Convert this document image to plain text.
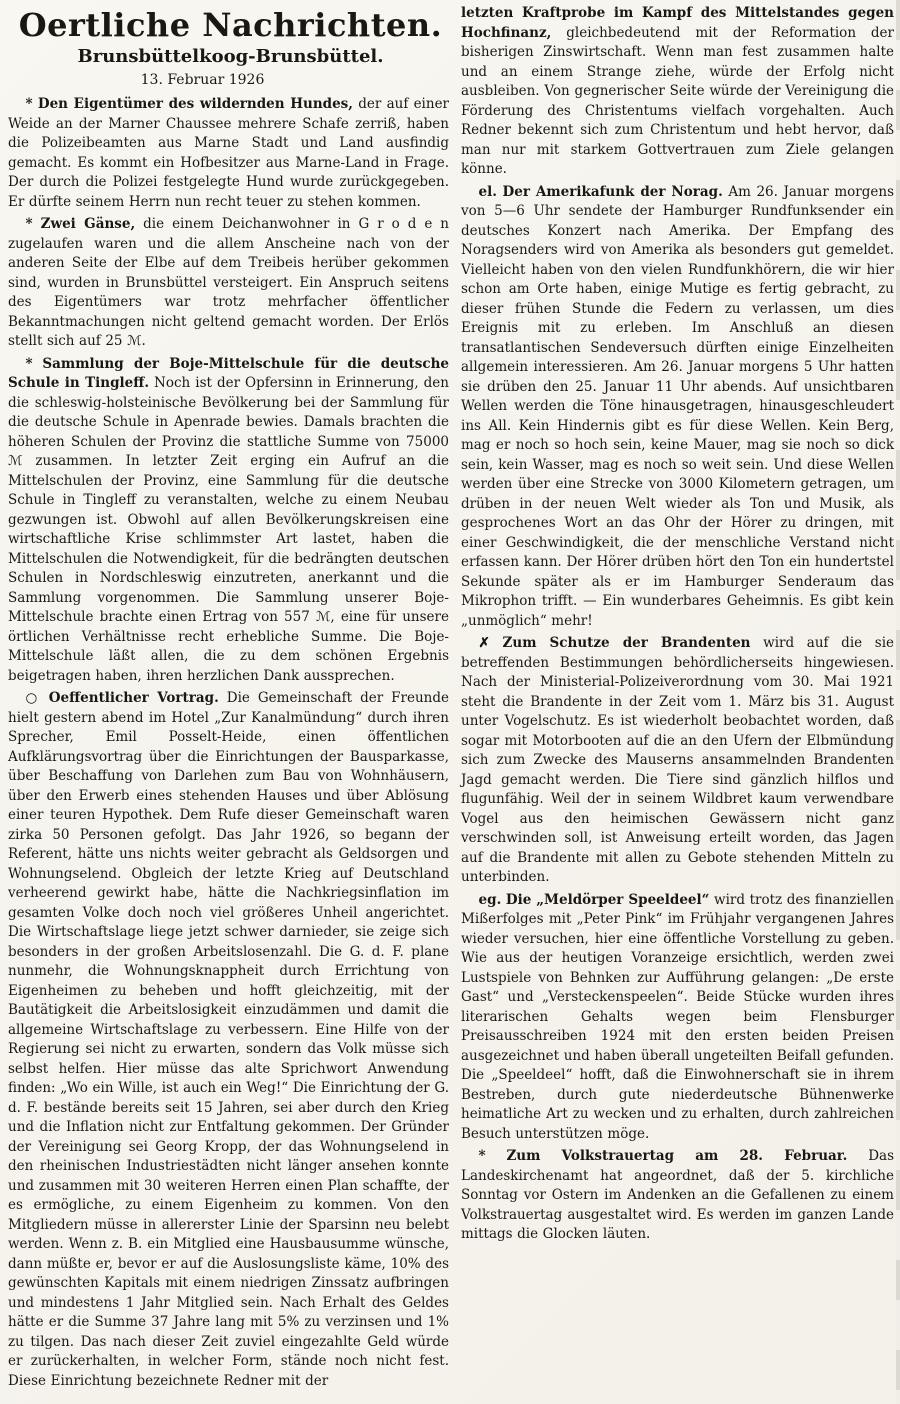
Oertliche Nachrichten.
Brunsbüttelkoog-Brunsbüttel.
13. Februar 1926

* Den Eigentümer des wildernden Hundes, der auf einer Weide an der Marner Chaussee mehrere Schafe zerriß, haben die Polizeibeamten aus Marne Stadt und Land ausfindig gemacht. Es kommt ein Hofbesitzer aus Marne-Land in Frage. Der durch die Polizei festgelegte Hund wurde zurückgegeben. Er dürfte seinem Herrn nun recht teuer zu stehen kommen.

* Zwei Gänse, die einem Deichanwohner in G r o d e n zugelaufen waren und die allem Anscheine nach von der anderen Seite der Elbe auf dem Treibeis herüber gekommen sind, wurden in Brunsbüttel versteigert. Ein Anspruch seitens des Eigentümers war trotz mehrfacher öffentlicher Bekanntmachungen nicht geltend gemacht worden. Der Erlös stellt sich auf 25 ℳ.

* Sammlung der Boje-Mittelschule für die deutsche Schule in Tingleff. Noch ist der Opfersinn in Erinnerung, den die schleswig-holsteinische Bevölkerung bei der Sammlung für die deutsche Schule in Apenrade bewies. Damals brachten die höheren Schulen der Provinz die stattliche Summe von 75000 ℳ zusammen. In letzter Zeit erging ein Aufruf an die Mittelschulen der Provinz, eine Sammlung für die deutsche Schule in Tingleff zu veranstalten, welche zu einem Neubau gezwungen ist. Obwohl auf allen Bevölkerungskreisen eine wirtschaftliche Krise schlimmster Art lastet, haben die Mittelschulen die Notwendigkeit, für die bedrängten deutschen Schulen in Nordschleswig einzutreten, anerkannt und die Sammlung vorgenommen. Die Sammlung unserer Boje-Mittelschule brachte einen Ertrag von 557 ℳ, eine für unsere örtlichen Verhältnisse recht erhebliche Summe. Die Boje-Mittelschule läßt allen, die zu dem schönen Ergebnis beigetragen haben, ihren herzlichen Dank aussprechen.

○ Oeffentlicher Vortrag. Die Gemeinschaft der Freunde hielt gestern abend im Hotel „Zur Kanalmündung“ durch ihren Sprecher, Emil Posselt-Heide, einen öffentlichen Aufklärungsvortrag über die Einrichtungen der Bausparkasse, über Beschaffung von Darlehen zum Bau von Wohnhäusern, über den Erwerb eines stehenden Hauses und über Ablösung einer teuren Hypothek. Dem Rufe dieser Gemeinschaft waren zirka 50 Personen gefolgt. Das Jahr 1926, so begann der Referent, hätte uns nichts weiter gebracht als Geldsorgen und Wohnungselend. Obgleich der letzte Krieg auf Deutschland verheerend gewirkt habe, hätte die Nachkriegsinflation im gesamten Volke doch noch viel größeres Unheil angerichtet. Die Wirtschaftslage liege jetzt schwer darnieder, sie zeige sich besonders in der großen Arbeitslosenzahl. Die G. d. F. plane nunmehr, die Wohnungsknappheit durch Errichtung von Eigenheimen zu beheben und hofft gleichzeitig, mit der Bautätigkeit die Arbeitslosigkeit einzudämmen und damit die allgemeine Wirtschaftslage zu verbessern. Eine Hilfe von der Regierung sei nicht zu erwarten, sondern das Volk müsse sich selbst helfen. Hier müsse das alte Sprichwort Anwendung finden: „Wo ein Wille, ist auch ein Weg!“ Die Einrichtung der G. d. F. bestände bereits seit 15 Jahren, sei aber durch den Krieg und die Inflation nicht zur Entfaltung gekommen. Der Gründer der Vereinigung sei Georg Kropp, der das Wohnungselend in den rheinischen Industriestädten nicht länger ansehen konnte und zusammen mit 30 weiteren Herren einen Plan schaffte, der es ermögliche, zu einem Eigenheim zu kommen. Von den Mitgliedern müsse in allererster Linie der Sparsinn neu belebt werden. Wenn z. B. ein Mitglied eine Hausbausumme wünsche, dann müßte er, bevor er auf die Auslosungsliste käme, 10% des gewünschten Kapitals mit einem niedrigen Zinssatz aufbringen und mindestens 1 Jahr Mitglied sein. Nach Erhalt des Geldes hätte er die Summe 37 Jahre lang mit 5% zu verzinsen und 1% zu tilgen. Das nach dieser Zeit zuviel eingezahlte Geld würde er zurückerhalten, in welcher Form, stände noch nicht fest. Diese Einrichtung bezeichnete Redner mit der

letzten Kraftprobe im Kampf des Mittelstandes gegen Hochfinanz, gleichbedeutend mit der Reformation der bisherigen Zinswirtschaft. Wenn man fest zusammen halte und an einem Strange ziehe, würde der Erfolg nicht ausbleiben. Von gegnerischer Seite würde der Vereinigung die Förderung des Christentums vielfach vorgehalten. Auch Redner bekennt sich zum Christentum und hebt hervor, daß man nur mit starkem Gottvertrauen zum Ziele gelangen könne.

el. Der Amerikafunk der Norag. Am 26. Januar morgens von 5—6 Uhr sendete der Hamburger Rundfunksender ein deutsches Konzert nach Amerika. Der Empfang des Noragsenders wird von Amerika als besonders gut gemeldet. Vielleicht haben von den vielen Rundfunkhörern, die wir hier schon am Orte haben, einige Mutige es fertig gebracht, zu dieser frühen Stunde die Federn zu verlassen, um dies Ereignis mit zu erleben. Im Anschluß an diesen transatlantischen Sendeversuch dürften einige Einzelheiten allgemein interessieren. Am 26. Januar morgens 5 Uhr hatten sie drüben den 25. Januar 11 Uhr abends. Auf unsichtbaren Wellen werden die Töne hinausgetragen, hinausgeschleudert ins All. Kein Hindernis gibt es für diese Wellen. Kein Berg, mag er noch so hoch sein, keine Mauer, mag sie noch so dick sein, kein Wasser, mag es noch so weit sein. Und diese Wellen werden über eine Strecke von 3000 Kilometern getragen, um drüben in der neuen Welt wieder als Ton und Musik, als gesprochenes Wort an das Ohr der Hörer zu dringen, mit einer Geschwindigkeit, die der menschliche Verstand nicht erfassen kann. Der Hörer drüben hört den Ton ein hundertstel Sekunde später als er im Hamburger Senderaum das Mikrophon trifft. — Ein wunderbares Geheimnis. Es gibt kein „unmöglich“ mehr!

✗ Zum Schutze der Brandenten wird auf die sie betreffenden Bestimmungen behördlicherseits hingewiesen. Nach der Ministerial-Polizeiverordnung vom 30. Mai 1921 steht die Brandente in der Zeit vom 1. März bis 31. August unter Vogelschutz. Es ist wiederholt beobachtet worden, daß sogar mit Motorbooten auf die an den Ufern der Elbmündung sich zum Zwecke des Mauserns ansammelnden Brandenten Jagd gemacht werden. Die Tiere sind gänzlich hilflos und flugunfähig. Weil der in seinem Wildbret kaum verwendbare Vogel aus den heimischen Gewässern nicht ganz verschwinden soll, ist Anweisung erteilt worden, das Jagen auf die Brandente mit allen zu Gebote stehenden Mitteln zu unterbinden.

eg. Die „Meldörper Speeldeel“ wird trotz des finanziellen Mißerfolges mit „Peter Pink“ im Frühjahr vergangenen Jahres wieder versuchen, hier eine öffentliche Vorstellung zu geben. Wie aus der heutigen Voranzeige ersichtlich, werden zwei Lustspiele von Behnken zur Aufführung gelangen: „De erste Gast“ und „Versteckenspeelen“. Beide Stücke wurden ihres literarischen Gehalts wegen beim Flensburger Preisausschreiben 1924 mit den ersten beiden Preisen ausgezeichnet und haben überall ungeteilten Beifall gefunden. Die „Speeldeel“ hofft, daß die Einwohnerschaft sie in ihrem Bestreben, durch gute niederdeutsche Bühnenwerke heimatliche Art zu wecken und zu erhalten, durch zahlreichen Besuch unterstützen möge.

* Zum Volkstrauertag am 28. Februar. Das Landeskirchenamt hat angeordnet, daß der 5. kirchliche Sonntag vor Ostern im Andenken an die Gefallenen zu einem Volkstrauertag ausgestaltet wird. Es werden im ganzen Lande mittags die Glocken läuten.
